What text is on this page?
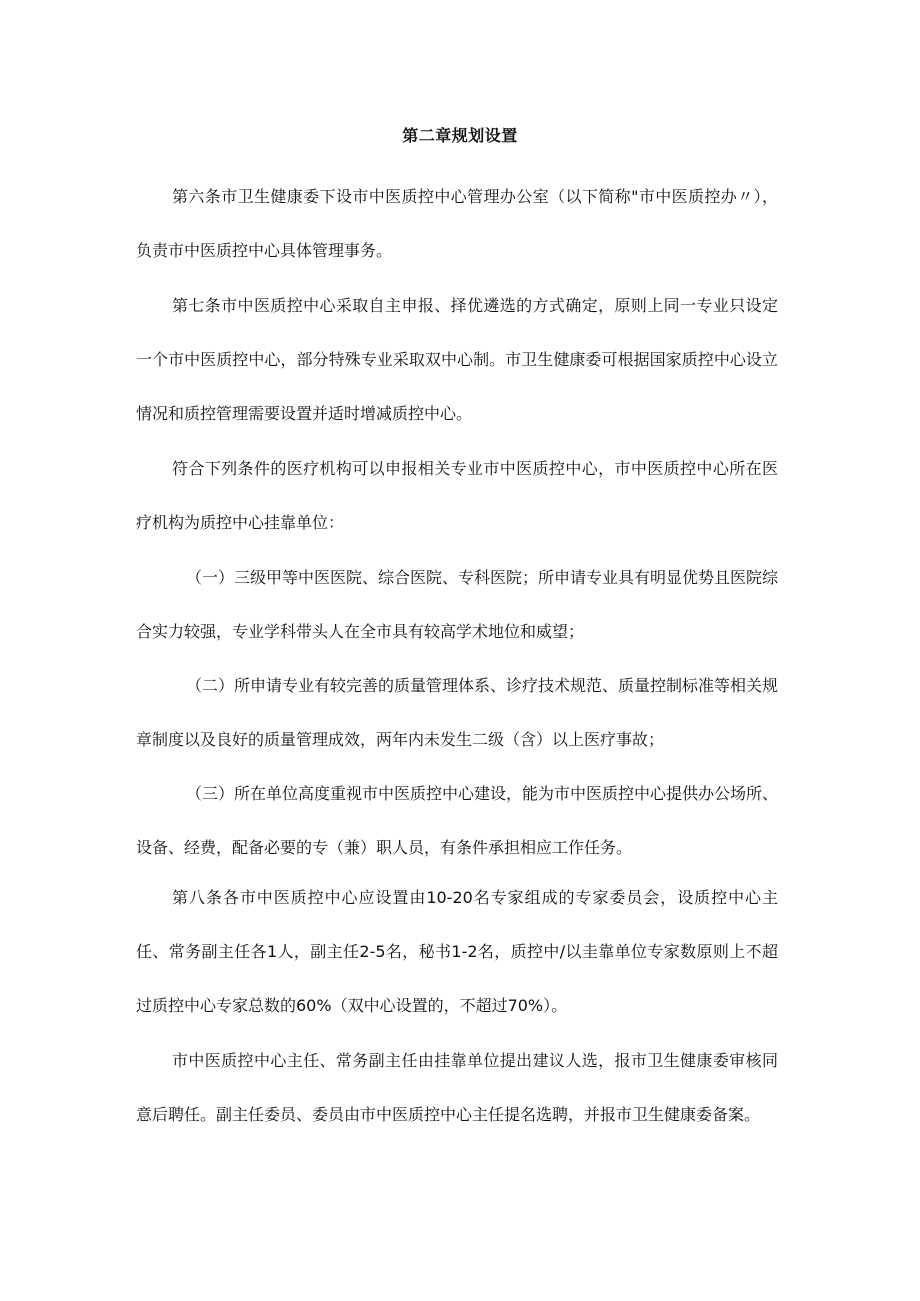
第二章规划设置

第六条市卫生健康委下设市中医质控中心管理办公室（以下简称"市中医质控办〃），负责市中医质控中心具体管理事务。

第七条市中医质控中心采取自主申报、择优遴选的方式确定，原则上同一专业只设定一个市中医质控中心，部分特殊专业采取双中心制。市卫生健康委可根据国家质控中心设立情况和质控管理需要设置并适时增减质控中心。

符合下列条件的医疗机构可以申报相关专业市中医质控中心，市中医质控中心所在医疗机构为质控中心挂靠单位：

（一）三级甲等中医医院、综合医院、专科医院；所申请专业具有明显优势且医院综合实力较强，专业学科带头人在全市具有较高学术地位和威望；

（二）所申请专业有较完善的质量管理体系、诊疗技术规范、质量控制标准等相关规章制度以及良好的质量管理成效，两年内未发生二级（含）以上医疗事故；

（三）所在单位高度重视市中医质控中心建设，能为市中医质控中心提供办公场所、设备、经费，配备必要的专（兼）职人员，有条件承担相应工作任务。

第八条各市中医质控中心应设置由10-20名专家组成的专家委员会，设质控中心主任、常务副主任各1人，副主任2-5名，秘书1-2名，质控中/以圭靠单位专家数原则上不超过质控中心专家总数的60%（双中心设置的，不超过70%）。

市中医质控中心主任、常务副主任由挂靠单位提出建议人选，报市卫生健康委审核同意后聘任。副主任委员、委员由市中医质控中心主任提名选聘，并报市卫生健康委备案。
